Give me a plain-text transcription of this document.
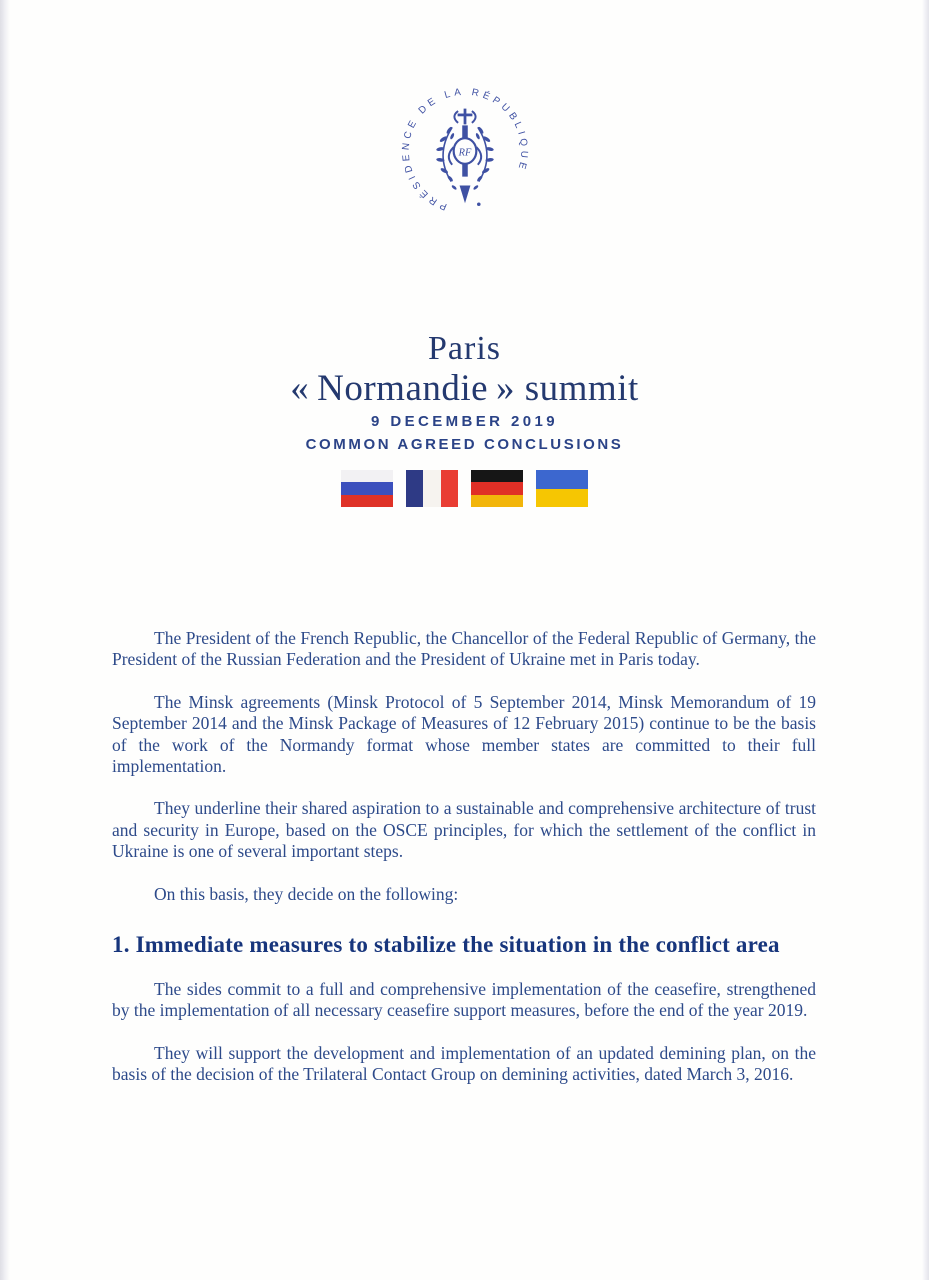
PRÉSIDENCE DE LA RÉPUBLIQUE
RF
Paris
« Normandie » summit
9 DECEMBER 2019
COMMON AGREED CONCLUSIONS

The President of the French Republic, the Chancellor of the Federal Republic of Germany, the President of the Russian Federation and the President of Ukraine met in Paris today.

The Minsk agreements (Minsk Protocol of 5 September 2014, Minsk Memorandum of 19 September 2014 and the Minsk Package of Measures of 12 February 2015) continue to be the basis of the work of the Normandy format whose member states are committed to their full implementation.

They underline their shared aspiration to a sustainable and comprehensive architecture of trust and security in Europe, based on the OSCE principles, for which the settlement of the conflict in Ukraine is one of several important steps.

On this basis, they decide on the following:

1. Immediate measures to stabilize the situation in the conflict area

The sides commit to a full and comprehensive implementation of the ceasefire, strengthened by the implementation of all necessary ceasefire support measures, before the end of the year 2019.

They will support the development and implementation of an updated demining plan, on the basis of the decision of the Trilateral Contact Group on demining activities, dated March 3, 2016.
